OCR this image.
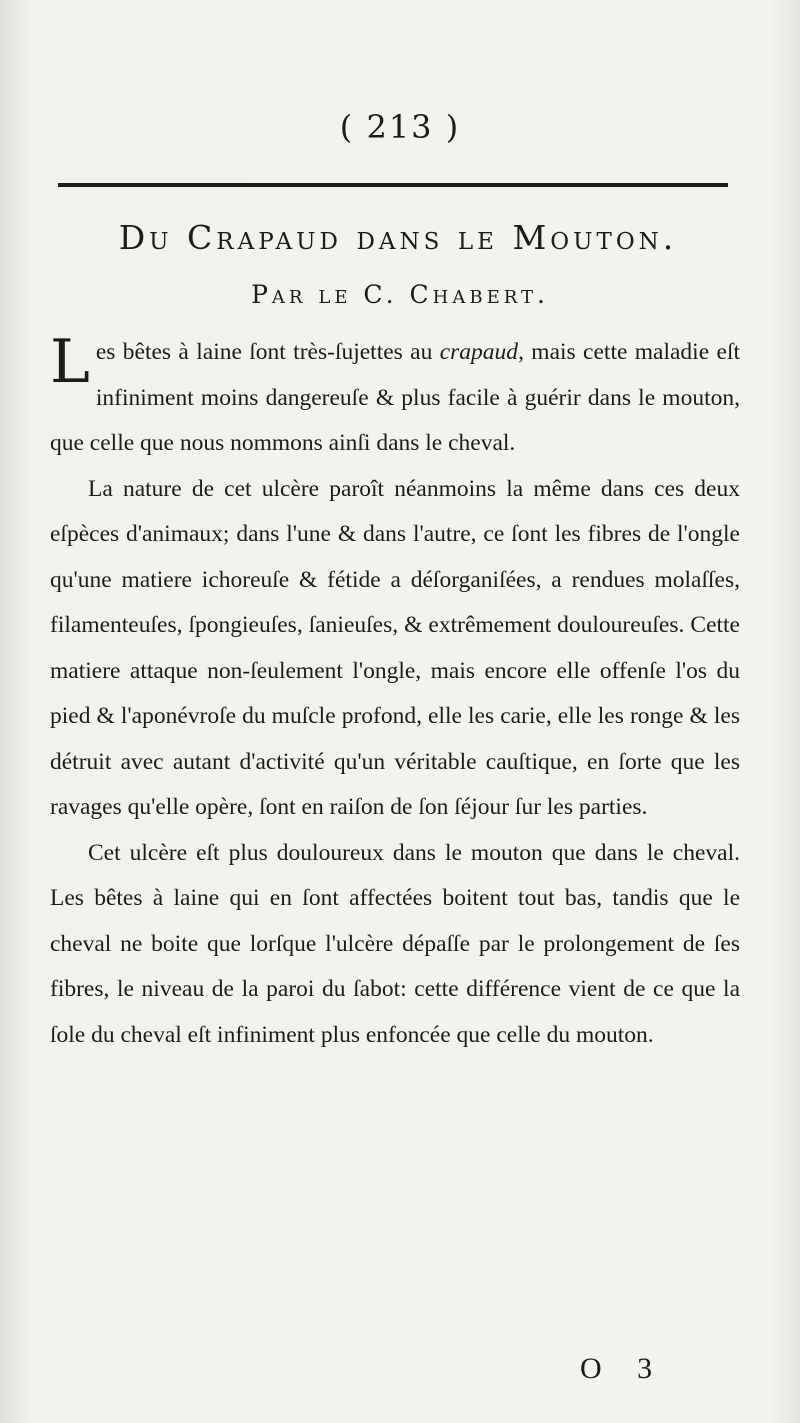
( 213 )
Du Crapaud dans le Mouton.
Par le C. Chabert.

Les bêtes à laine ſont très-ſujettes au crapaud, mais cette maladie eſt infiniment moins dangereuſe & plus facile à guérir dans le mouton, que celle que nous nommons ainſi dans le cheval.

La nature de cet ulcère paroît néanmoins la même dans ces deux eſpèces d'animaux; dans l'une & dans l'autre, ce ſont les fibres de l'ongle qu'une matiere ichoreuſe & fétide a déſorganiſées, a rendues molaſſes, filamenteuſes, ſpongieuſes, ſanieuſes, & extrêmement douloureuſes. Cette matiere attaque non-ſeulement l'ongle, mais encore elle offenſe l'os du pied & l'aponévroſe du muſcle profond, elle les carie, elle les ronge & les détruit avec autant d'activité qu'un véritable cauſtique, en ſorte que les ravages qu'elle opère, ſont en raiſon de ſon ſéjour ſur les parties.

Cet ulcère eſt plus douloureux dans le mouton que dans le cheval. Les bêtes à laine qui en ſont affectées boitent tout bas, tandis que le cheval ne boite que lorſque l'ulcère dépaſſe par le prolongement de ſes fibres, le niveau de la paroi du ſabot: cette différence vient de ce que la ſole du cheval eſt infiniment plus enfoncée que celle du mouton.

O 3
